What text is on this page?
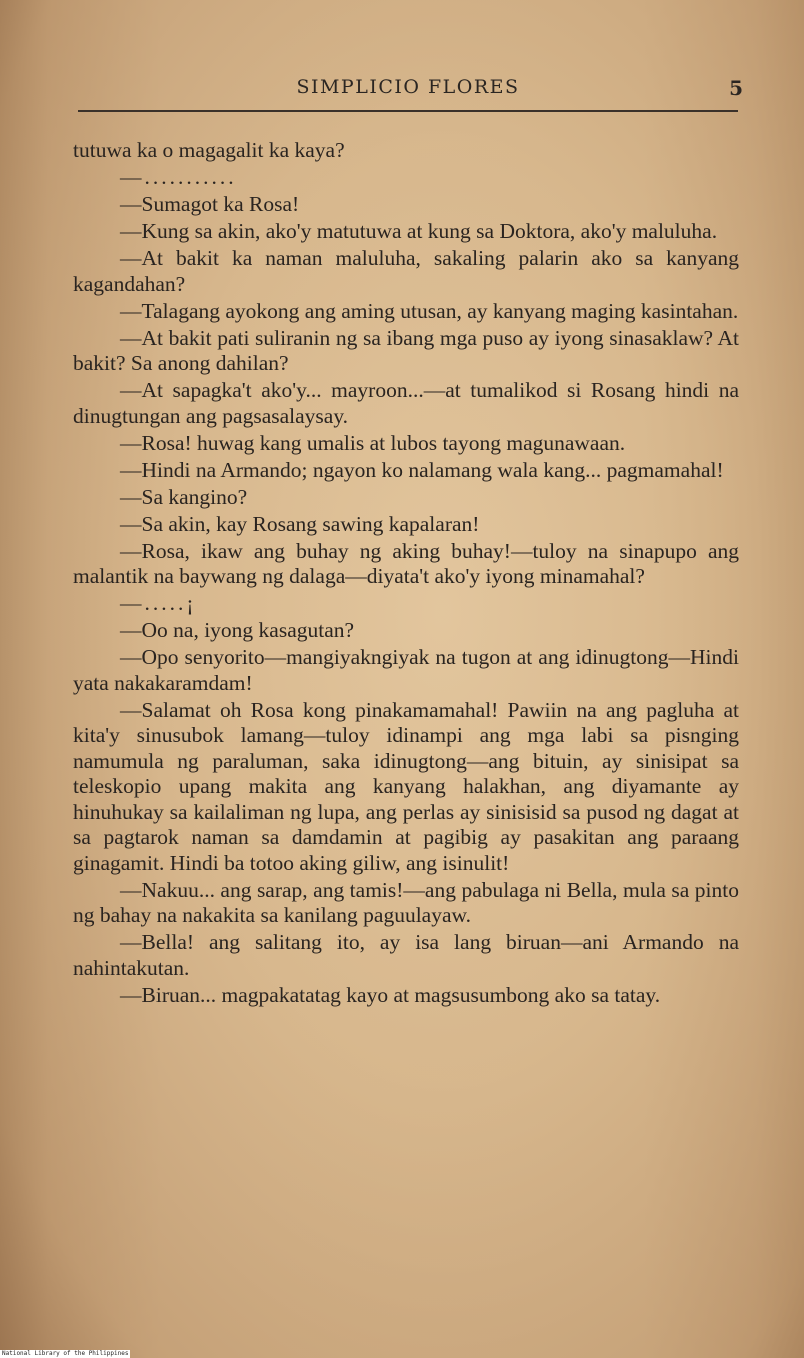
SIMPLICIO FLORES	5

tutuwa ka o magagalit ka kaya?

—...........

—Sumagot ka Rosa!

—Kung sa akin, ako'y matutuwa at kung sa Doktora, ako'y maluluha.

—At bakit ka naman maluluha, sakaling palarin ako sa kanyang kagandahan?

—Talagang ayokong ang aming utusan, ay kanyang maging kasintahan.

—At bakit pati suliranin ng sa ibang mga puso ay iyong sinasaklaw? At bakit? Sa anong dahilan?

—At sapagka't ako'y... mayroon...—at tumalikod si Rosang hindi na dinugtungan ang pagsasalaysay.

—Rosa! huwag kang umalis at lubos tayong magunawaan.

—Hindi na Armando; ngayon ko nalamang wala kang... pagmamahal!

—Sa kangino?

—Sa akin, kay Rosang sawing kapalaran!

—Rosa, ikaw ang buhay ng aking buhay!—tuloy na sinapupo ang malantik na baywang ng dalaga—diyata't ako'y iyong minamahal?

—.....¡

—Oo na, iyong kasagutan?

—Opo senyorito—mangiyakngiyak na tugon at ang idinugtong—Hindi yata nakakaramdam!

—Salamat oh Rosa kong pinakamamahal! Pawiin na ang pagluha at kita'y sinusubok lamang—tuloy idinampi ang mga labi sa pisnging namumula ng paraluman, saka idinugtong—ang bituin, ay sinisipat sa teleskopio upang makita ang kanyang halakhan, ang diyamante ay hinuhukay sa kailaliman ng lupa, ang perlas ay sinisisid sa pusod ng dagat at sa pagtarok naman sa damdamin at pagibig ay pasakitan ang paraang ginagamit. Hindi ba totoo aking giliw, ang isinulit!

—Nakuu... ang sarap, ang tamis!—ang pabulaga ni Bella, mula sa pinto ng bahay na nakakita sa kanilang paguulayaw.

—Bella! ang salitang ito, ay isa lang biruan—ani Armando na nahintakutan.

—Biruan... magpakatatag kayo at magsusumbong ako sa tatay.

National Library of the Philippines
